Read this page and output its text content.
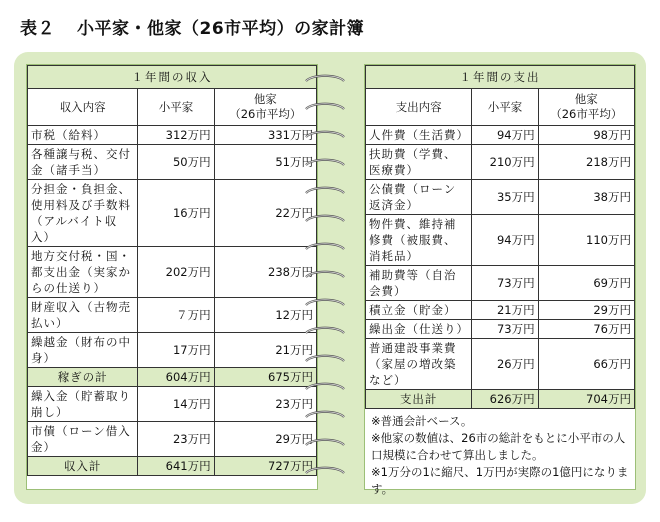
表２ 小平家・他家（26市平均）の家計簿
１年間の収入		
収入内容	小平家	他家
（26市平均）
市税（給料）	312万円	331万円
各種譲与税、交付金（諸手当）	50万円	51万円
分担金・負担金、使用料及び手数料（アルバイト収入）	16万円	22万円
地方交付税・国・都支出金（実家からの仕送り）	202万円	238万円
財産収入（古物売払い）	７万円	12万円
繰越金（財布の中身）	17万円	21万円
稼ぎの計	604万円	675万円
繰入金（貯蓄取り崩し）	14万円	23万円
市債（ローン借入金）	23万円	29万円
収入計	641万円	727万円
１年間の支出		
支出内容	小平家	他家
（26市平均）
人件費（生活費）	94万円	98万円
扶助費（学費、医療費）	210万円	218万円
公債費（ローン返済金）	35万円	38万円
物件費、維持補修費（被服費、消耗品）	94万円	110万円
補助費等（自治会費）	73万円	69万円
積立金（貯金）	21万円	29万円
繰出金（仕送り）	73万円	76万円
普通建設事業費（家屋の増改築など）	26万円	66万円
支出計	626万円	704万円
※普通会計ベース。
※他家の数値は、26市の総計をもとに小平市の人口規模に合わせて算出しました。
※1万分の1に縮尺、1万円が実際の1億円になります。
